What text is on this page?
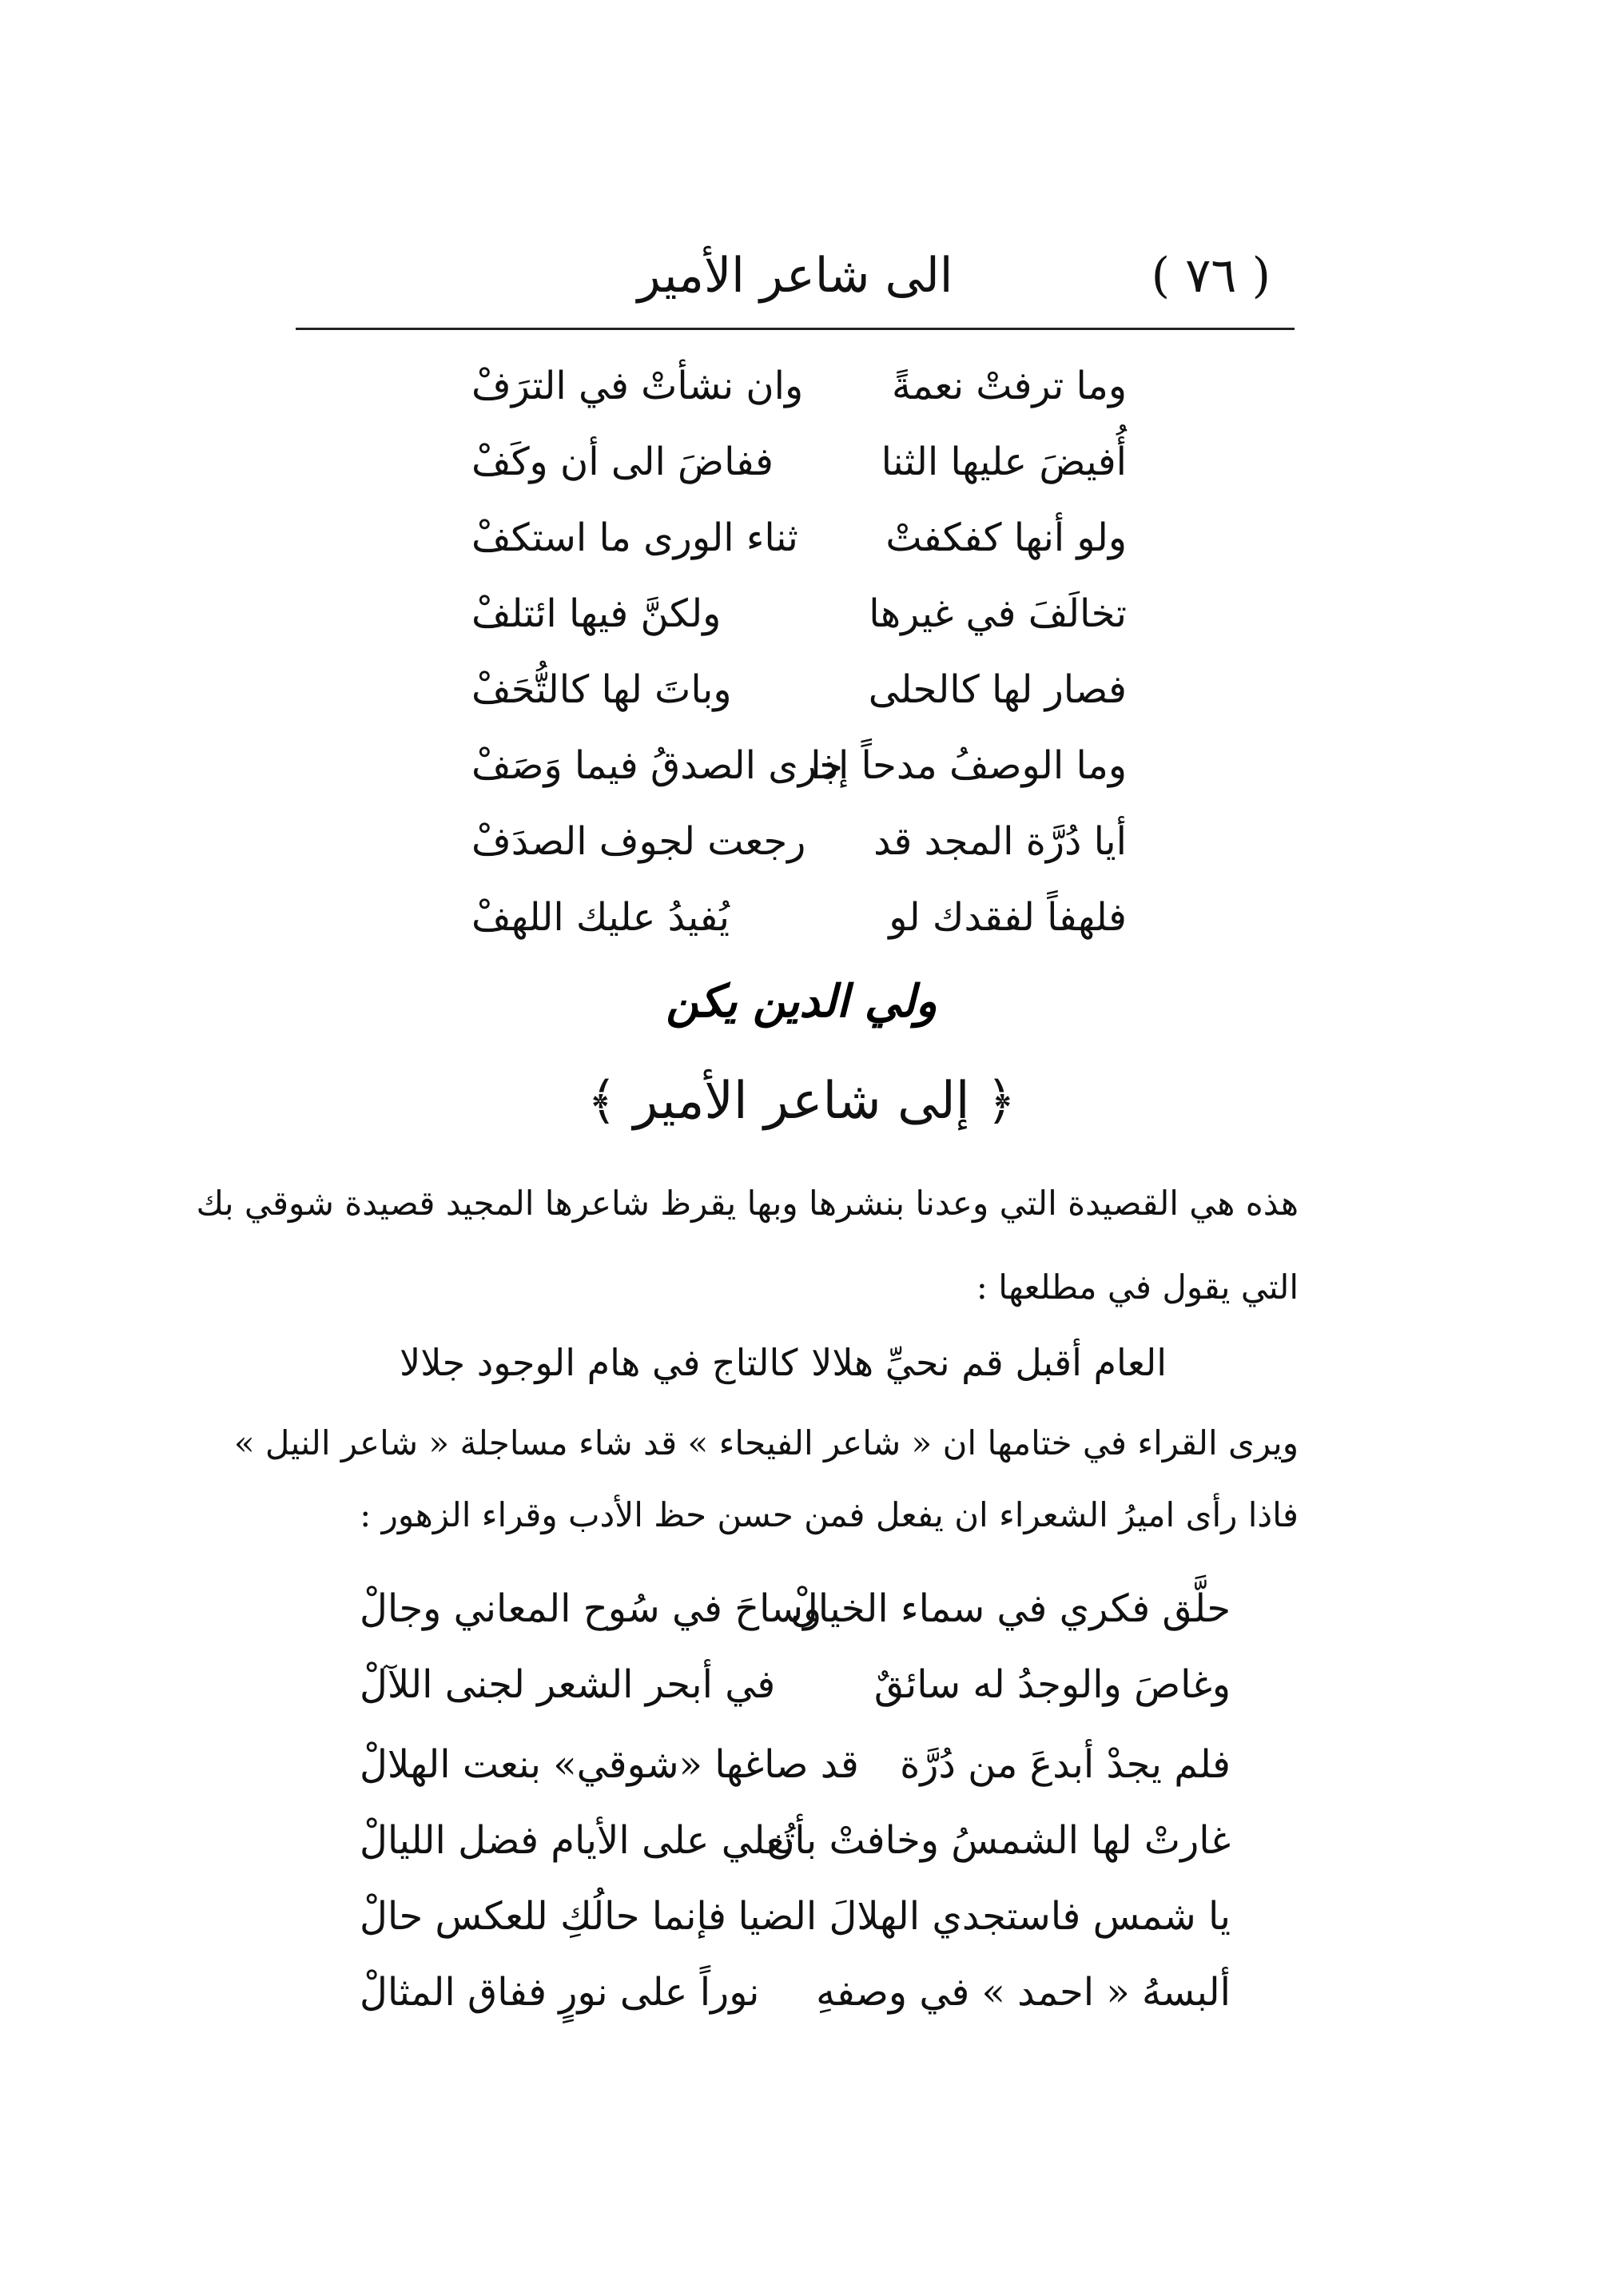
الى شاعر الأمير	( ٧٦ )
وما ترفتْ نعمةً
وان نشأتْ في الترَفْ
أُفيضَ عليها الثنا
ففاضَ الى أن وكَفْ
ولو أنها كفكفتْ
ثناء الورى ما استكفْ
تخالَفَ في غيرها
ولكنَّ فيها ائتلفْ
فصار لها كالحلى
وباتَ لها كالتُّحَفْ
وما الوصفُ مدحاً إذا
جرى الصدقُ فيما وَصَفْ
أيا دُرَّة المجد قد
رجعت لجوف الصدَفْ
فلهفاً لفقدك لو
يُفيدُ عليك اللهفْ
ولي الدين يكن
﴿ إلى شاعر الأمير ﴾
هذه هي القصيدة التي وعدنا بنشرها وبها يقرظ شاعرها المجيد قصيدة شوقي بك
التي يقول في مطلعها :
العام أقبل قم نحيِّ هلالا
كالتاج في هام الوجود جلالا
ويرى القراء في ختامها ان « شاعر الفيحاء » قد شاء مساجلة « شاعر النيل »
فاذا رأى اميرُ الشعراء ان يفعل فمن حسن حظ الأدب وقراء الزهور :
حلَّق فكري في سماء الخيالْ
وساحَ في سُوح المعاني وجالْ
وغاصَ والوجدُ له سائقٌ
في أبحر الشعر لجنى اللآلْ
فلم يجدْ أبدعَ من دُرَّة
قد صاغها «شوقي» بنعت الهلالْ
غارتْ لها الشمسُ وخافتْ بأن
تُعلي على الأيام فضل الليالْ
يا شمس فاستجدي الهلالَ الضيا
فإنما حالُكِ للعكس حالْ
ألبسهُ « احمد » في وصفهِ
نوراً على نورٍ ففاق المثالْ
